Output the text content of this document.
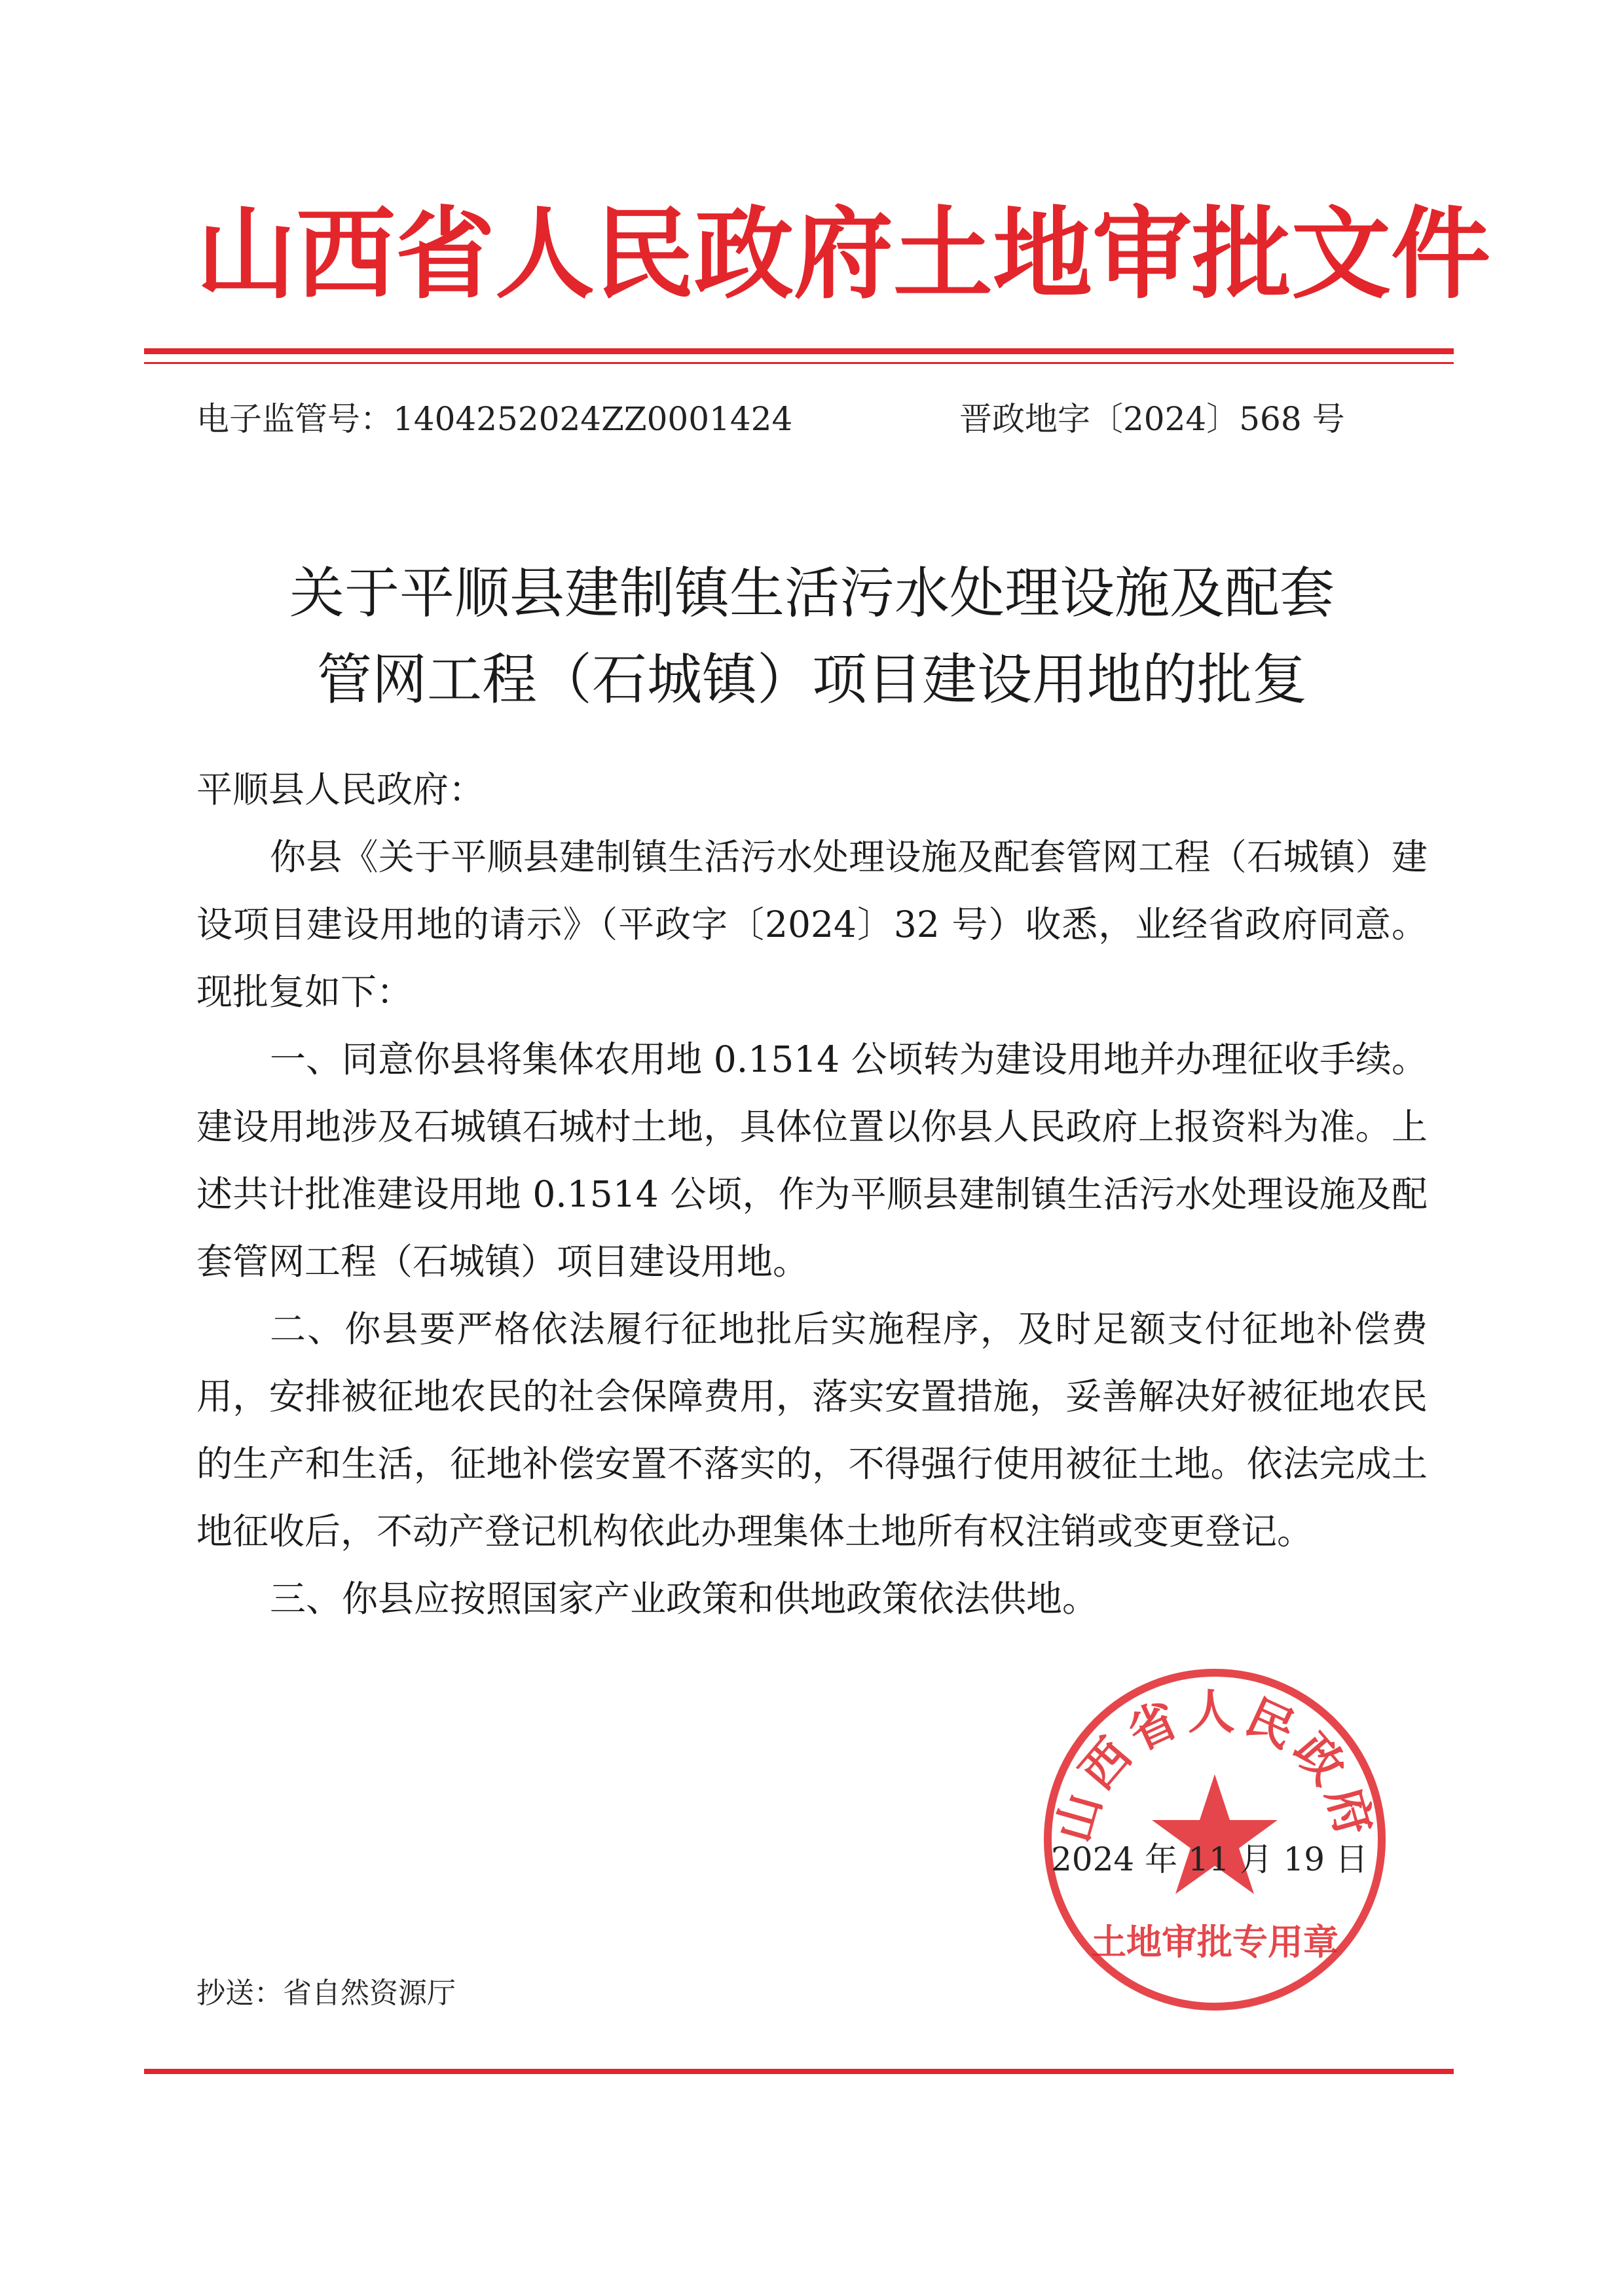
山西省人民政府土地审批文件
电子监管号：1404252024ZZ0001424	晋政地字〔2024〕568 号
关于平顺县建制镇生活污水处理设施及配套
管网工程（石城镇）项目建设用地的批复

平顺县人民政府：

你县《关于平顺县建制镇生活污水处理设施及配套管网工程（石城镇）建设项目建设用地的请示》（平政字〔2024〕32 号）收悉，业经省政府同意。现批复如下：

一、同意你县将集体农用地 0.1514 公顷转为建设用地并办理征收手续。建设用地涉及石城镇石城村土地，具体位置以你县人民政府上报资料为准。上述共计批准建设用地 0.1514 公顷，作为平顺县建制镇生活污水处理设施及配套管网工程（石城镇）项目建设用地。

二、你县要严格依法履行征地批后实施程序，及时足额支付征地补偿费用，安排被征地农民的社会保障费用，落实安置措施，妥善解决好被征地农民的生产和生活，征地补偿安置不落实的，不得强行使用被征土地。依法完成土地征收后，不动产登记机构依此办理集体土地所有权注销或变更登记。

三、你县应按照国家产业政策和供地政策依法供地。

山西省人民政府
土地审批专用章
2024 年 11 月 19 日
抄送：省自然资源厅
